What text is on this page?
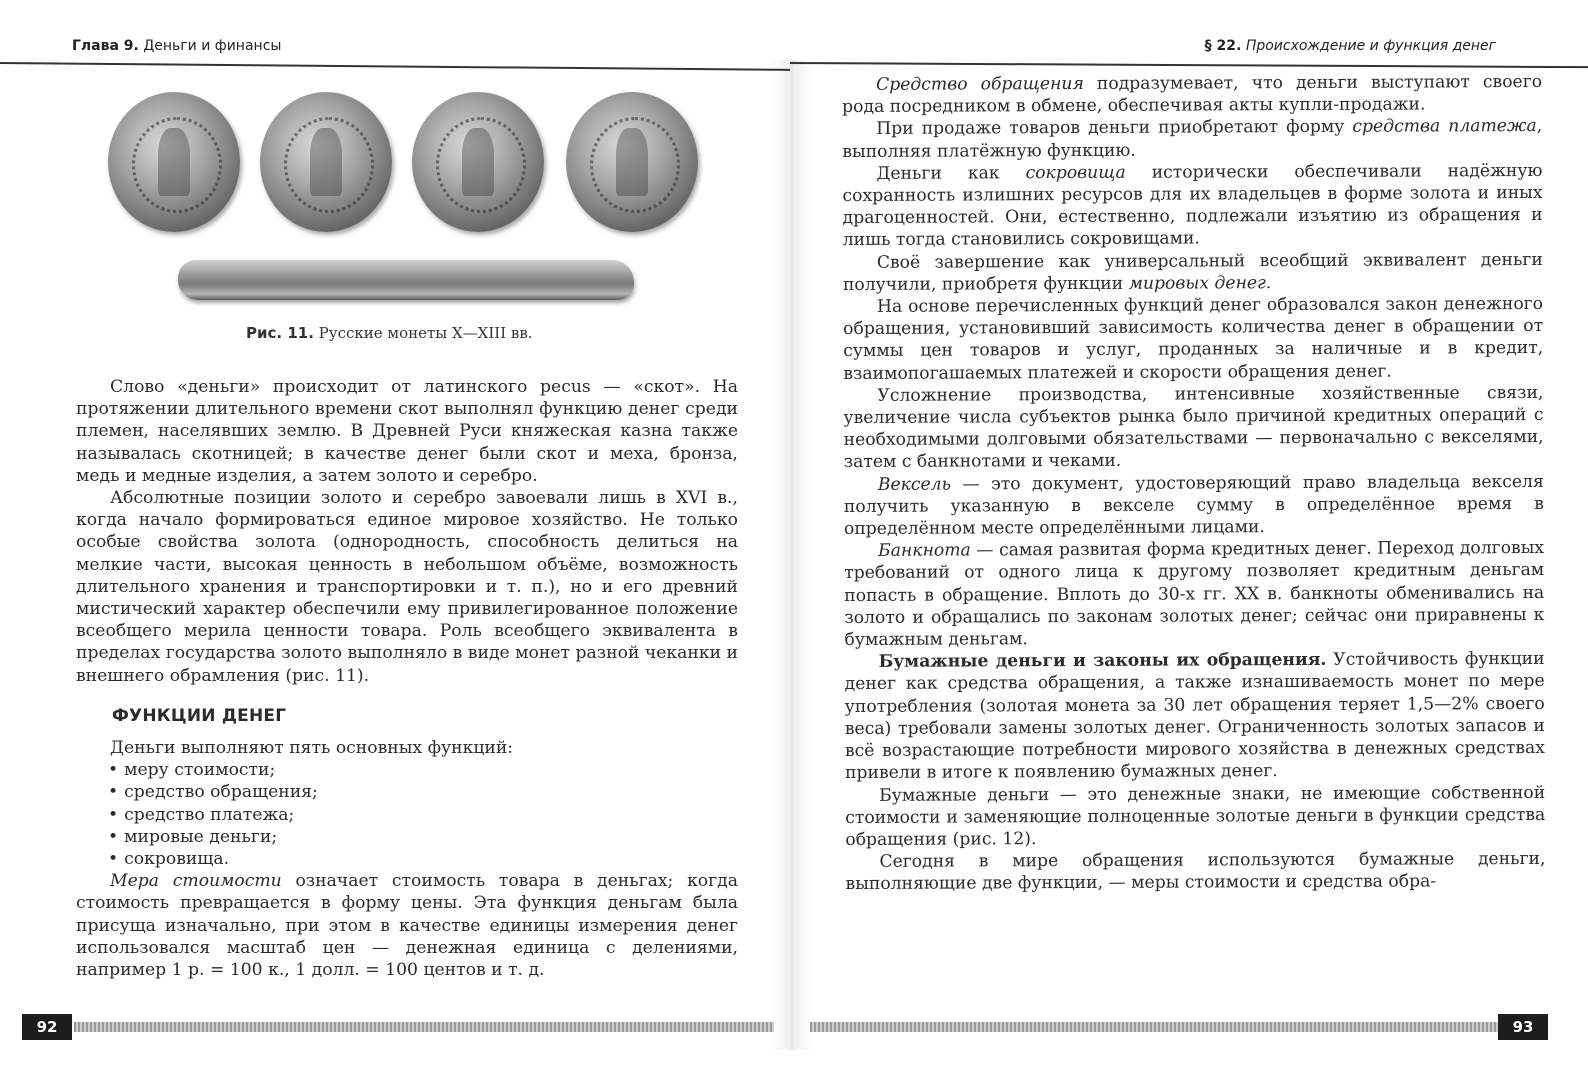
Глава 9. Деньги и финансы
Рис. 11. Русские монеты X—XIII вв.

Слово «деньги» происходит от латинского pecus — «скот». На протяжении длительного времени скот выполнял функцию денег среди племен, населявших землю. В Древней Руси княжеская казна также называлась скотницей; в качестве денег были скот и меха, бронза, медь и медные изделия, а затем золото и серебро.

Абсолютные позиции золото и серебро завоевали лишь в XVI в., когда начало формироваться единое мировое хозяйство. Не только особые свойства золота (однородность, способность делиться на мелкие части, высокая ценность в небольшом объёме, возможность длительного хранения и транспортировки и т. п.), но и его древний мистический характер обеспечили ему привилегированное положение всеобщего мерила ценности товара. Роль всеобщего эквивалента в пределах государства золото выполняло в виде монет разной чеканки и внешнего обрамления (рис. 11).

ФУНКЦИИ ДЕНЕГ

Деньги выполняют пять основных функций:

• меру стоимости;
• средство обращения;
• средство платежа;
• мировые деньги;
• сокровища.

Мера стоимости означает стоимость товара в деньгах; когда стоимость превращается в форму цены. Эта функция деньгам была присуща изначально, при этом в качестве единицы измерения денег использовался масштаб цен — денежная единица с делениями, например 1 р. = 100 к., 1 долл. = 100 центов и т. д.

92
§ 22. Происхождение и функция денег

Средство обращения подразумевает, что деньги выступают своего рода посредником в обмене, обеспечивая акты купли-продажи.

При продаже товаров деньги приобретают форму средства платежа, выполняя платёжную функцию.

Деньги как сокровища исторически обеспечивали надёжную сохранность излишних ресурсов для их владельцев в форме золота и иных драгоценностей. Они, естественно, подлежали изъятию из обращения и лишь тогда становились сокровищами.

Своё завершение как универсальный всеобщий эквивалент деньги получили, приобретя функции мировых денег.

На основе перечисленных функций денег образовался закон денежного обращения, установивший зависимость количества денег в обращении от суммы цен товаров и услуг, проданных за наличные и в кредит, взаимопогашаемых платежей и скорости обращения денег.

Усложнение производства, интенсивные хозяйственные связи, увеличение числа субъектов рынка было причиной кредитных операций с необходимыми долговыми обязательствами — первоначально с векселями, затем с банкнотами и чеками.

Вексель — это документ, удостоверяющий право владельца векселя получить указанную в векселе сумму в определённое время в определённом месте определёнными лицами.

Банкнота — самая развитая форма кредитных денег. Переход долговых требований от одного лица к другому позволяет кредитным деньгам попасть в обращение. Вплоть до 30-х гг. XX в. банкноты обменивались на золото и обращались по законам золотых денег; сейчас они приравнены к бумажным деньгам.

Бумажные деньги и законы их обращения. Устойчивость функции денег как средства обращения, а также изнашиваемость монет по мере употребления (золотая монета за 30 лет обращения теряет 1,5—2% своего веса) требовали замены золотых денег. Ограниченность золотых запасов и всё возрастающие потребности мирового хозяйства в денежных средствах привели в итоге к появлению бумажных денег.

Бумажные деньги — это денежные знаки, не имеющие собственной стоимости и заменяющие полноценные золотые деньги в функции средства обращения (рис. 12).

Сегодня в мире обращения используются бумажные деньги, выполняющие две функции, — меры стоимости и средства обра-

93
